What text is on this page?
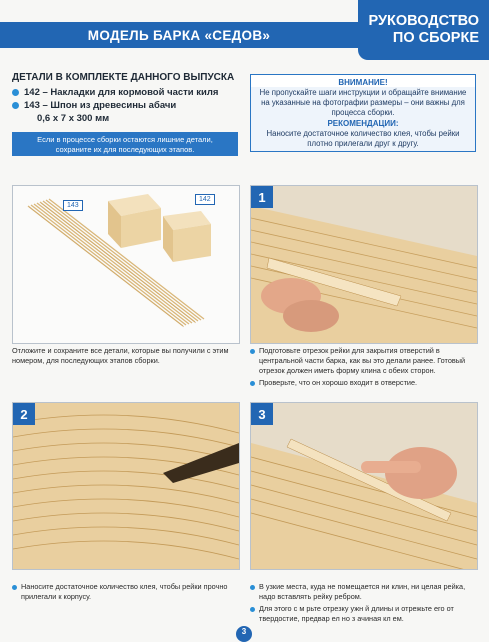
МОДЕЛЬ БАРКА «СЕДОВ»
РУКОВОДСТВО
ПО СБОРКЕ
ДЕТАЛИ В КОМПЛЕКТЕ ДАННОГО ВЫПУСКА
142 – Накладки для кормовой части киля
143 – Шпон из древесины абачи
0,6 х 7 х 300 мм
Если в процессе сборки остаются лишние детали, сохраните их для последующих этапов.
ВНИМАНИЕ!
Не пропускайте шаги инструкции и обращайте внимание на указанные на фотографии размеры – они важны для процесса сборки.
РЕКОМЕНДАЦИИ:
Наносите достаточное количество клея, чтобы рейки плотно прилегали друг к другу.
143
142
Отложите и сохраните все детали, которые вы получили с этим номером, для последующих этапов сборки.
1
Подготовьте отрезок рейки для закрытия отверстий в центральной части барка, как вы это делали ранее. Готовый отрезок должен иметь форму клина с обеих сторон.
Проверьте, что он хорошо входит в отверстие.
2
Наносите достаточное количество клея, чтобы рейки прочно прилегали к корпусу.
3
В узкие места, куда не помещается ни клин, ни целая рейка, надо вставлять рейку ребром.
Для этого с м рьте отрезку ужн й длины и отрежьте его от твердостие, предвар ел но з ачиная кл ем.
3
